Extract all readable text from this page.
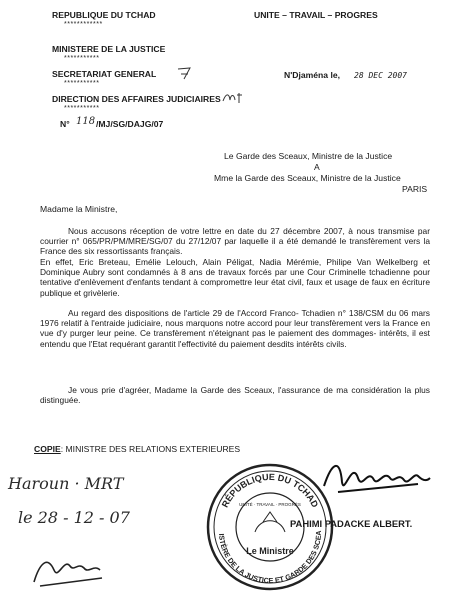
REPUBLIQUE DU TCHAD
************
MINISTERE DE LA JUSTICE
***********
SECRETARIAT GENERAL
***********
DIRECTION DES AFFAIRES JUDICIAIRES
***********
N° 118 /MJ/SG/DAJG/07
UNITE – TRAVAIL – PROGRES
N'Djaména le, 28 DEC 2007
Le Garde des Sceaux, Ministre de la Justice
A
Mme la Garde des Sceaux, Ministre de la Justice
PARIS
Madame la Ministre,
Nous accusons réception de votre lettre en date du 27 décembre 2007, à nous transmise par courrier n° 065/PR/PM/MRE/SG/07 du 27/12/07 par laquelle il a été demandé le transfèrement vers la France des six ressortissants français.
En effet, Eric Breteau, Emélie Lelouch, Alain Péligat, Nadia Mérémie, Philipe Van Welkelberg et Dominique Aubry sont condamnés à 8 ans de travaux forcés par une Cour Criminelle tchadienne pour tentative d'enlèvement d'enfants tendant à compromettre leur état civil, faux et usage de faux en écriture publique et grivèlerie.
Au regard des dispositions de l'article 29 de l'Accord Franco- Tchadien n° 138/CSM du 06 mars 1976 relatif à l'entraide judiciaire, nous marquons notre accord pour leur transfèrement vers la France en vue d'y purger leur peine. Ce transfèrement n'éteignant pas le paiement des dommages- intérêts, il est entendu que l'Etat requérant garantit l'effectivité du paiement desdits intérêts civils.
Je vous prie d'agréer, Madame la Garde des Sceaux, l'assurance de ma considération la plus distinguée.
COPIE: MINISTRE DES RELATIONS EXTERIEURES
Haroun · MRT
le 28 - 12 - 07
RÉPUBLIQUE DU TCHAD
MINISTÈRE DE LA JUSTICE ET GARDE DES SCEAUX
UNITÉ · TRAVAIL · PROGRÈS
Le Ministre
PAHIMI PADACKE ALBERT.
